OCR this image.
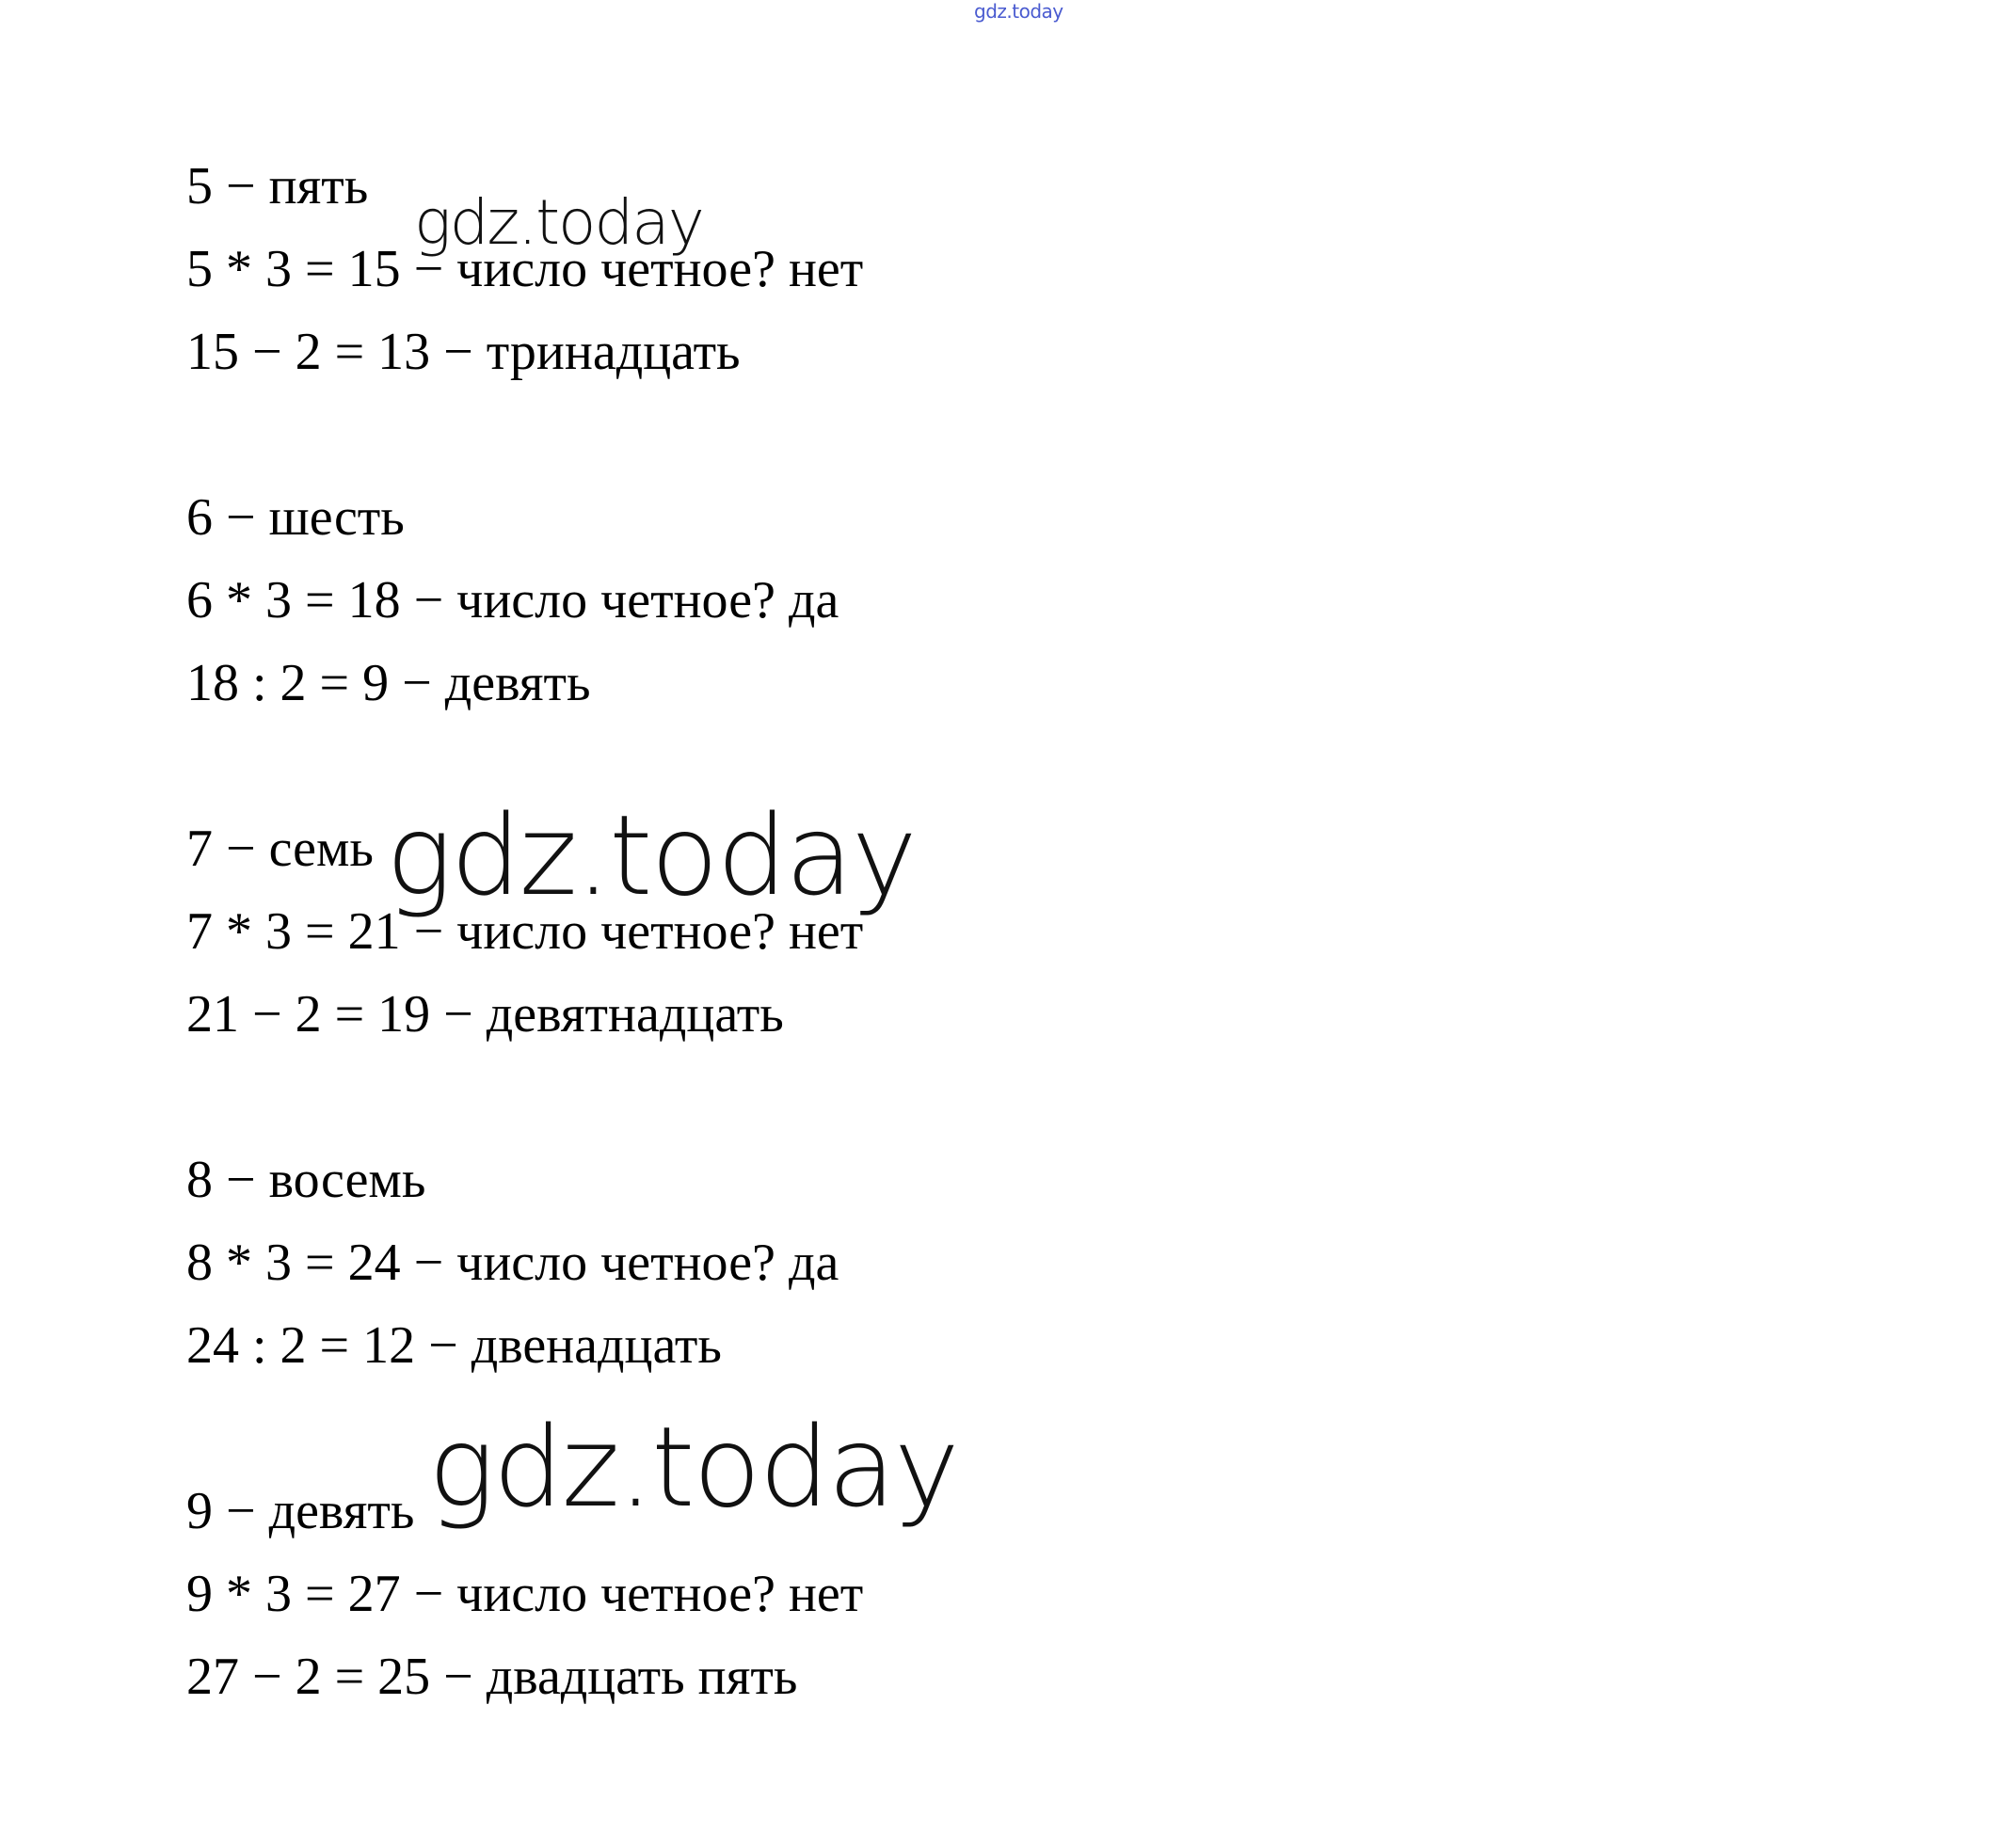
gdz.today
5 − пять
5 * 3 = 15 − число четное? нет
15 − 2 = 13 − тринадцать
6 − шесть
6 * 3 = 18 − число четное? да
18 : 2 = 9 − девять
7 − семь
7 * 3 = 21 − число четное? нет
21 − 2 = 19 − девятнадцать
8 − восемь
8 * 3 = 24 − число четное? да
24 : 2 = 12 − двенадцать
9 − девять
9 * 3 = 27 − число четное? нет
27 − 2 = 25 − двадцать пять
gdz.today
gdz.today
gdz.today
